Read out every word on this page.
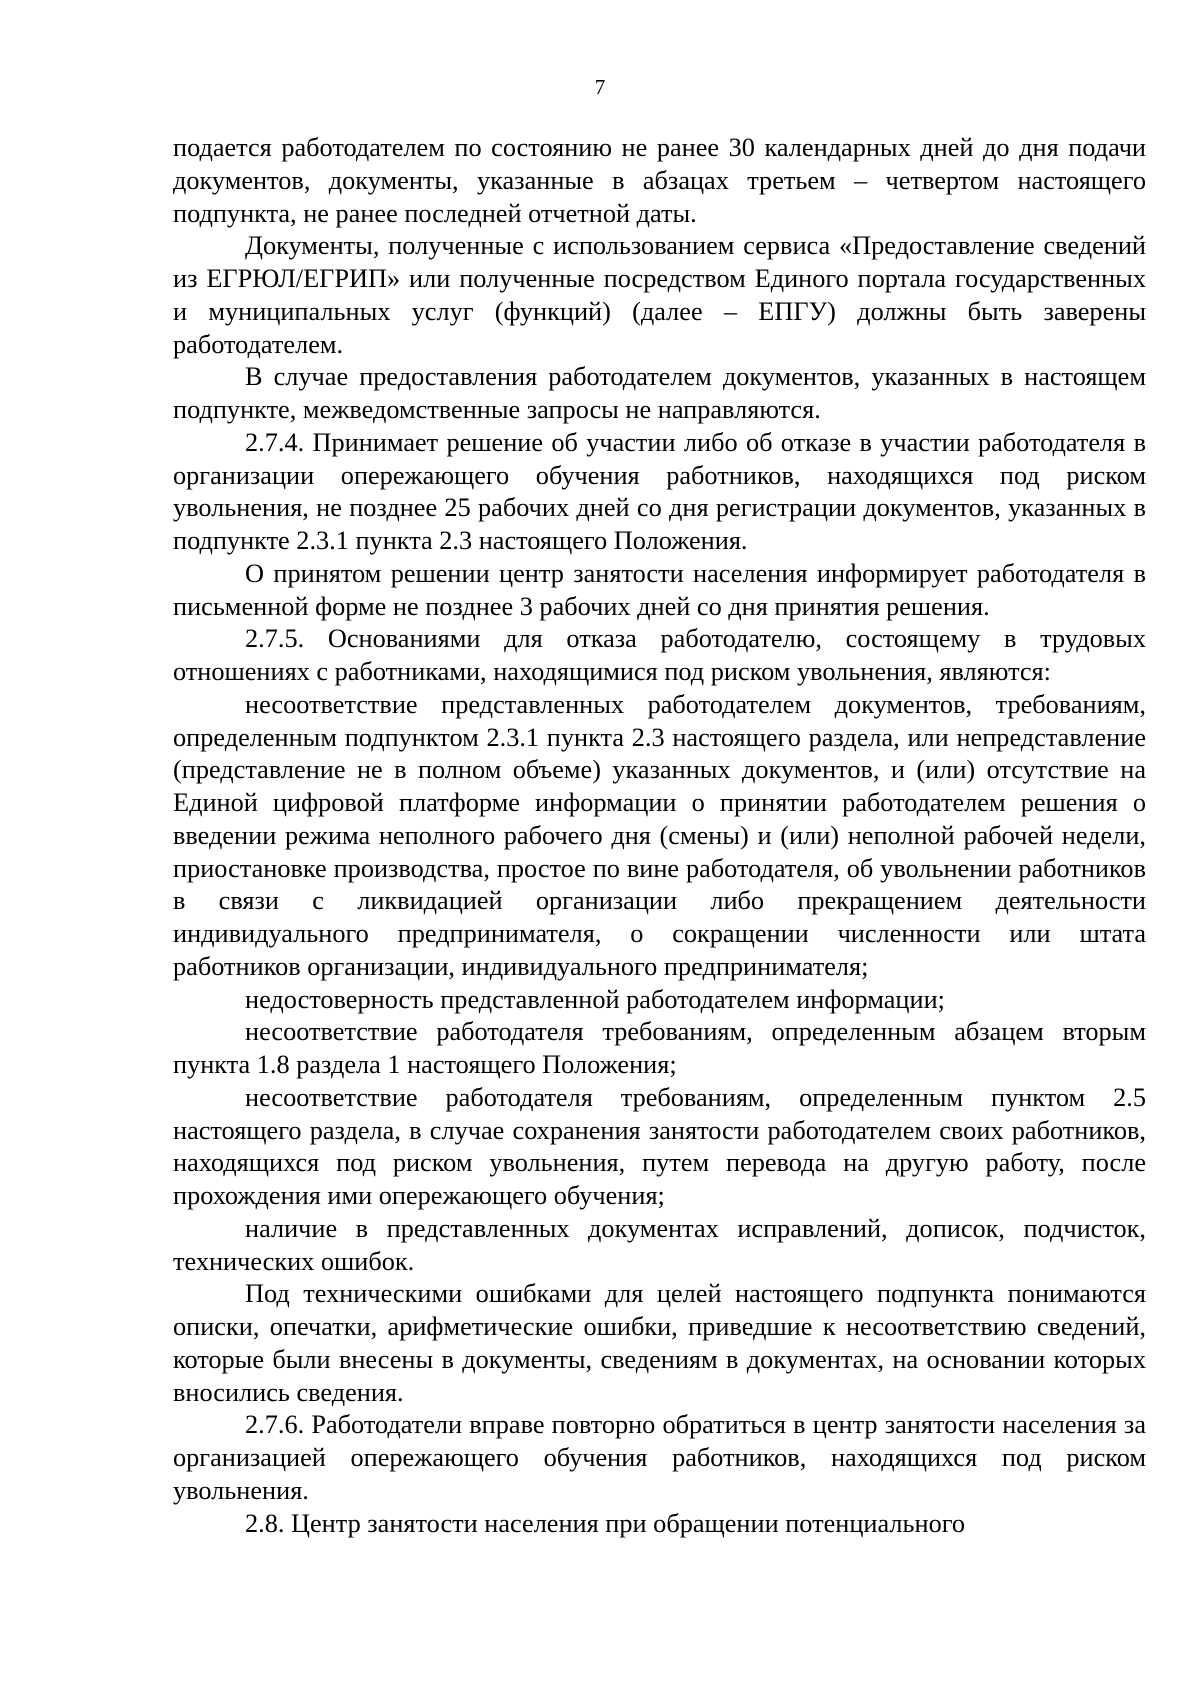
7

подается работодателем по состоянию не ранее 30 календарных дней до дня подачи документов, документы, указанные в абзацах третьем – четвертом настоящего подпункта, не ранее последней отчетной даты.

Документы, полученные с использованием сервиса «Предоставление сведений из ЕГРЮЛ/ЕГРИП» или полученные посредством Единого портала государственных и муниципальных услуг (функций) (далее – ЕПГУ) должны быть заверены работодателем.

В случае предоставления работодателем документов, указанных в настоящем подпункте, межведомственные запросы не направляются.

2.7.4. Принимает решение об участии либо об отказе в участии работодателя в организации опережающего обучения работников, находящихся под риском увольнения, не позднее 25 рабочих дней со дня регистрации документов, указанных в подпункте 2.3.1 пункта 2.3 настоящего Положения.

О принятом решении центр занятости населения информирует работодателя в письменной форме не позднее 3 рабочих дней со дня принятия решения.

2.7.5. Основаниями для отказа работодателю, состоящему в трудовых отношениях с работниками, находящимися под риском увольнения, являются:

несоответствие представленных работодателем документов, требованиям, определенным подпунктом 2.3.1 пункта 2.3 настоящего раздела, или непредставление (представление не в полном объеме) указанных документов, и (или) отсутствие на Единой цифровой платформе информации о принятии работодателем решения о введении режима неполного рабочего дня (смены) и (или) неполной рабочей недели, приостановке производства, простое по вине работодателя, об увольнении работников в связи с ликвидацией организации либо прекращением деятельности индивидуального предпринимателя, о сокращении численности или штата работников организации, индивидуального предпринимателя;

недостоверность представленной работодателем информации;

несоответствие работодателя требованиям, определенным абзацем вторым пункта 1.8 раздела 1 настоящего Положения;

несоответствие работодателя требованиям, определенным пунктом 2.5 настоящего раздела, в случае сохранения занятости работодателем своих работников, находящихся под риском увольнения, путем перевода на другую работу, после прохождения ими опережающего обучения;

наличие в представленных документах исправлений, дописок, подчисток, технических ошибок.

Под техническими ошибками для целей настоящего подпункта понимаются описки, опечатки, арифметические ошибки, приведшие к несоответствию сведений, которые были внесены в документы, сведениям в документах, на основании которых вносились сведения.

2.7.6. Работодатели вправе повторно обратиться в центр занятости населения за организацией опережающего обучения работников, находящихся под риском увольнения.

2.8. Центр занятости населения при обращении потенциального
